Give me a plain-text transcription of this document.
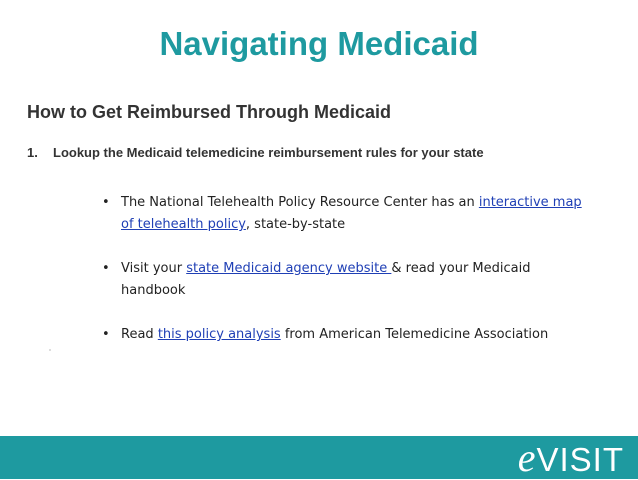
Navigating Medicaid
How to Get Reimbursed Through Medicaid
1. Lookup the Medicaid telemedicine reimbursement rules for your state
• The National Telehealth Policy Resource Center has an interactive map of telehealth policy, state-by-state
• Visit your state Medicaid agency website & read your Medicaid handbook
• Read this policy analysis from American Telemedicine Association
eVISIT
